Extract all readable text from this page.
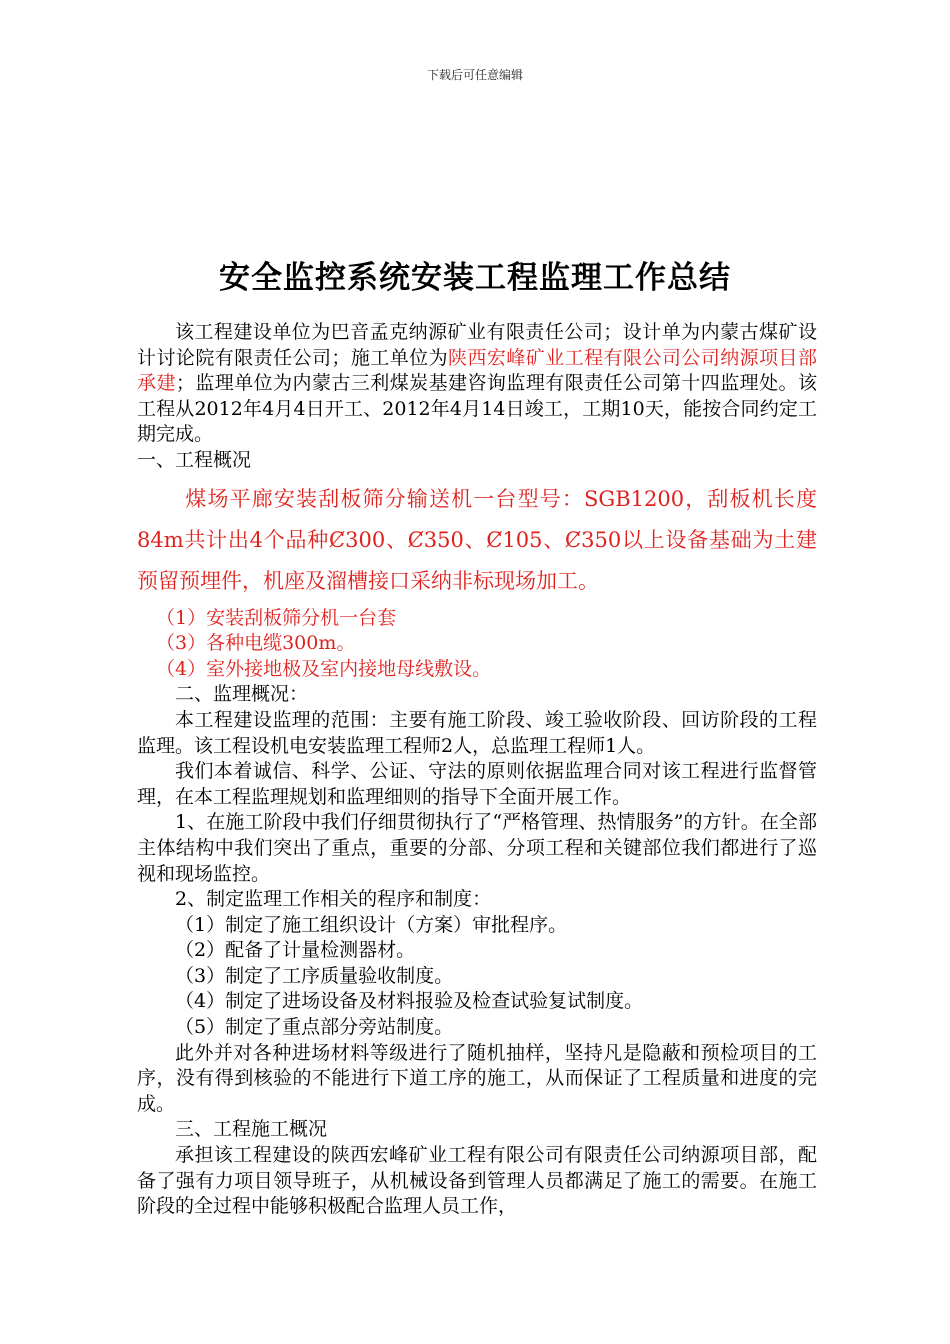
下载后可任意编辑
安全监控系统安装工程监理工作总结

该工程建设单位为巴音孟克纳源矿业有限责任公司；设计单为内蒙古煤矿设计讨论院有限责任公司；施工单位为陕西宏峰矿业工程有限公司公司纳源项目部承建；监理单位为内蒙古三利煤炭基建咨询监理有限责任公司第十四监理处。该工程从2012年4月4日开工、2012年4月14日竣工，工期10天，能按合同约定工期完成。

一、工程概况

煤场平廊安装刮板筛分输送机一台型号：SGB1200，刮板机长度84m共计出4个品种Ȼ300、Ȼ350、Ȼ105、Ȼ350以上设备基础为土建预留预埋件，机座及溜槽接口采纳非标现场加工。

（1）安装刮板筛分机一台套

（3）各种电缆300m。

（4）室外接地极及室内接地母线敷设。

二、监理概况：

本工程建设监理的范围：主要有施工阶段、竣工验收阶段、回访阶段的工程监理。该工程设机电安装监理工程师2人，总监理工程师1人。

我们本着诚信、科学、公证、守法的原则依据监理合同对该工程进行监督管理，在本工程监理规划和监理细则的指导下全面开展工作。

1、在施工阶段中我们仔细贯彻执行了“严格管理、热情服务”的方针。在全部主体结构中我们突出了重点，重要的分部、分项工程和关键部位我们都进行了巡视和现场监控。

2、制定监理工作相关的程序和制度：

（1）制定了施工组织设计（方案）审批程序。

（2）配备了计量检测器材。

（3）制定了工序质量验收制度。

（4）制定了进场设备及材料报验及检查试验复试制度。

（5）制定了重点部分旁站制度。

此外并对各种进场材料等级进行了随机抽样，坚持凡是隐蔽和预检项目的工序，没有得到核验的不能进行下道工序的施工，从而保证了工程质量和进度的完成。

三、工程施工概况

承担该工程建设的陕西宏峰矿业工程有限公司有限责任公司纳源项目部，配备了强有力项目领导班子，从机械设备到管理人员都满足了施工的需要。在施工阶段的全过程中能够积极配合监理人员工作，
